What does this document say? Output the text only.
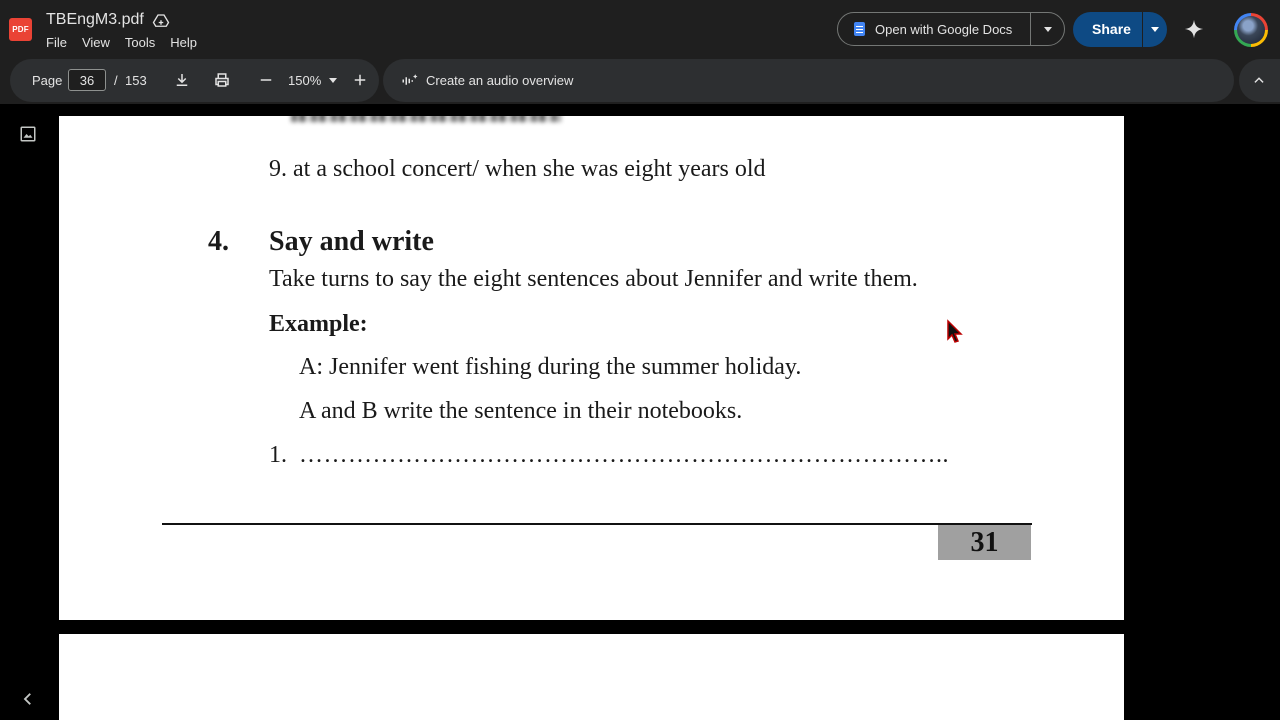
PDF
TBEngM3.pdf
File View Tools Help
Open with Google Docs	Share
Page
36	/ 153	150%	Create an audio overview
9. at a school concert/ when she was eight years old
4. Say and write
Take turns to say the eight sentences about Jennifer and write them.
Example:
A: Jennifer went fishing during the summer holiday.
A and B write the sentence in their notebooks.
1. ……………………………………………………………………..
31
